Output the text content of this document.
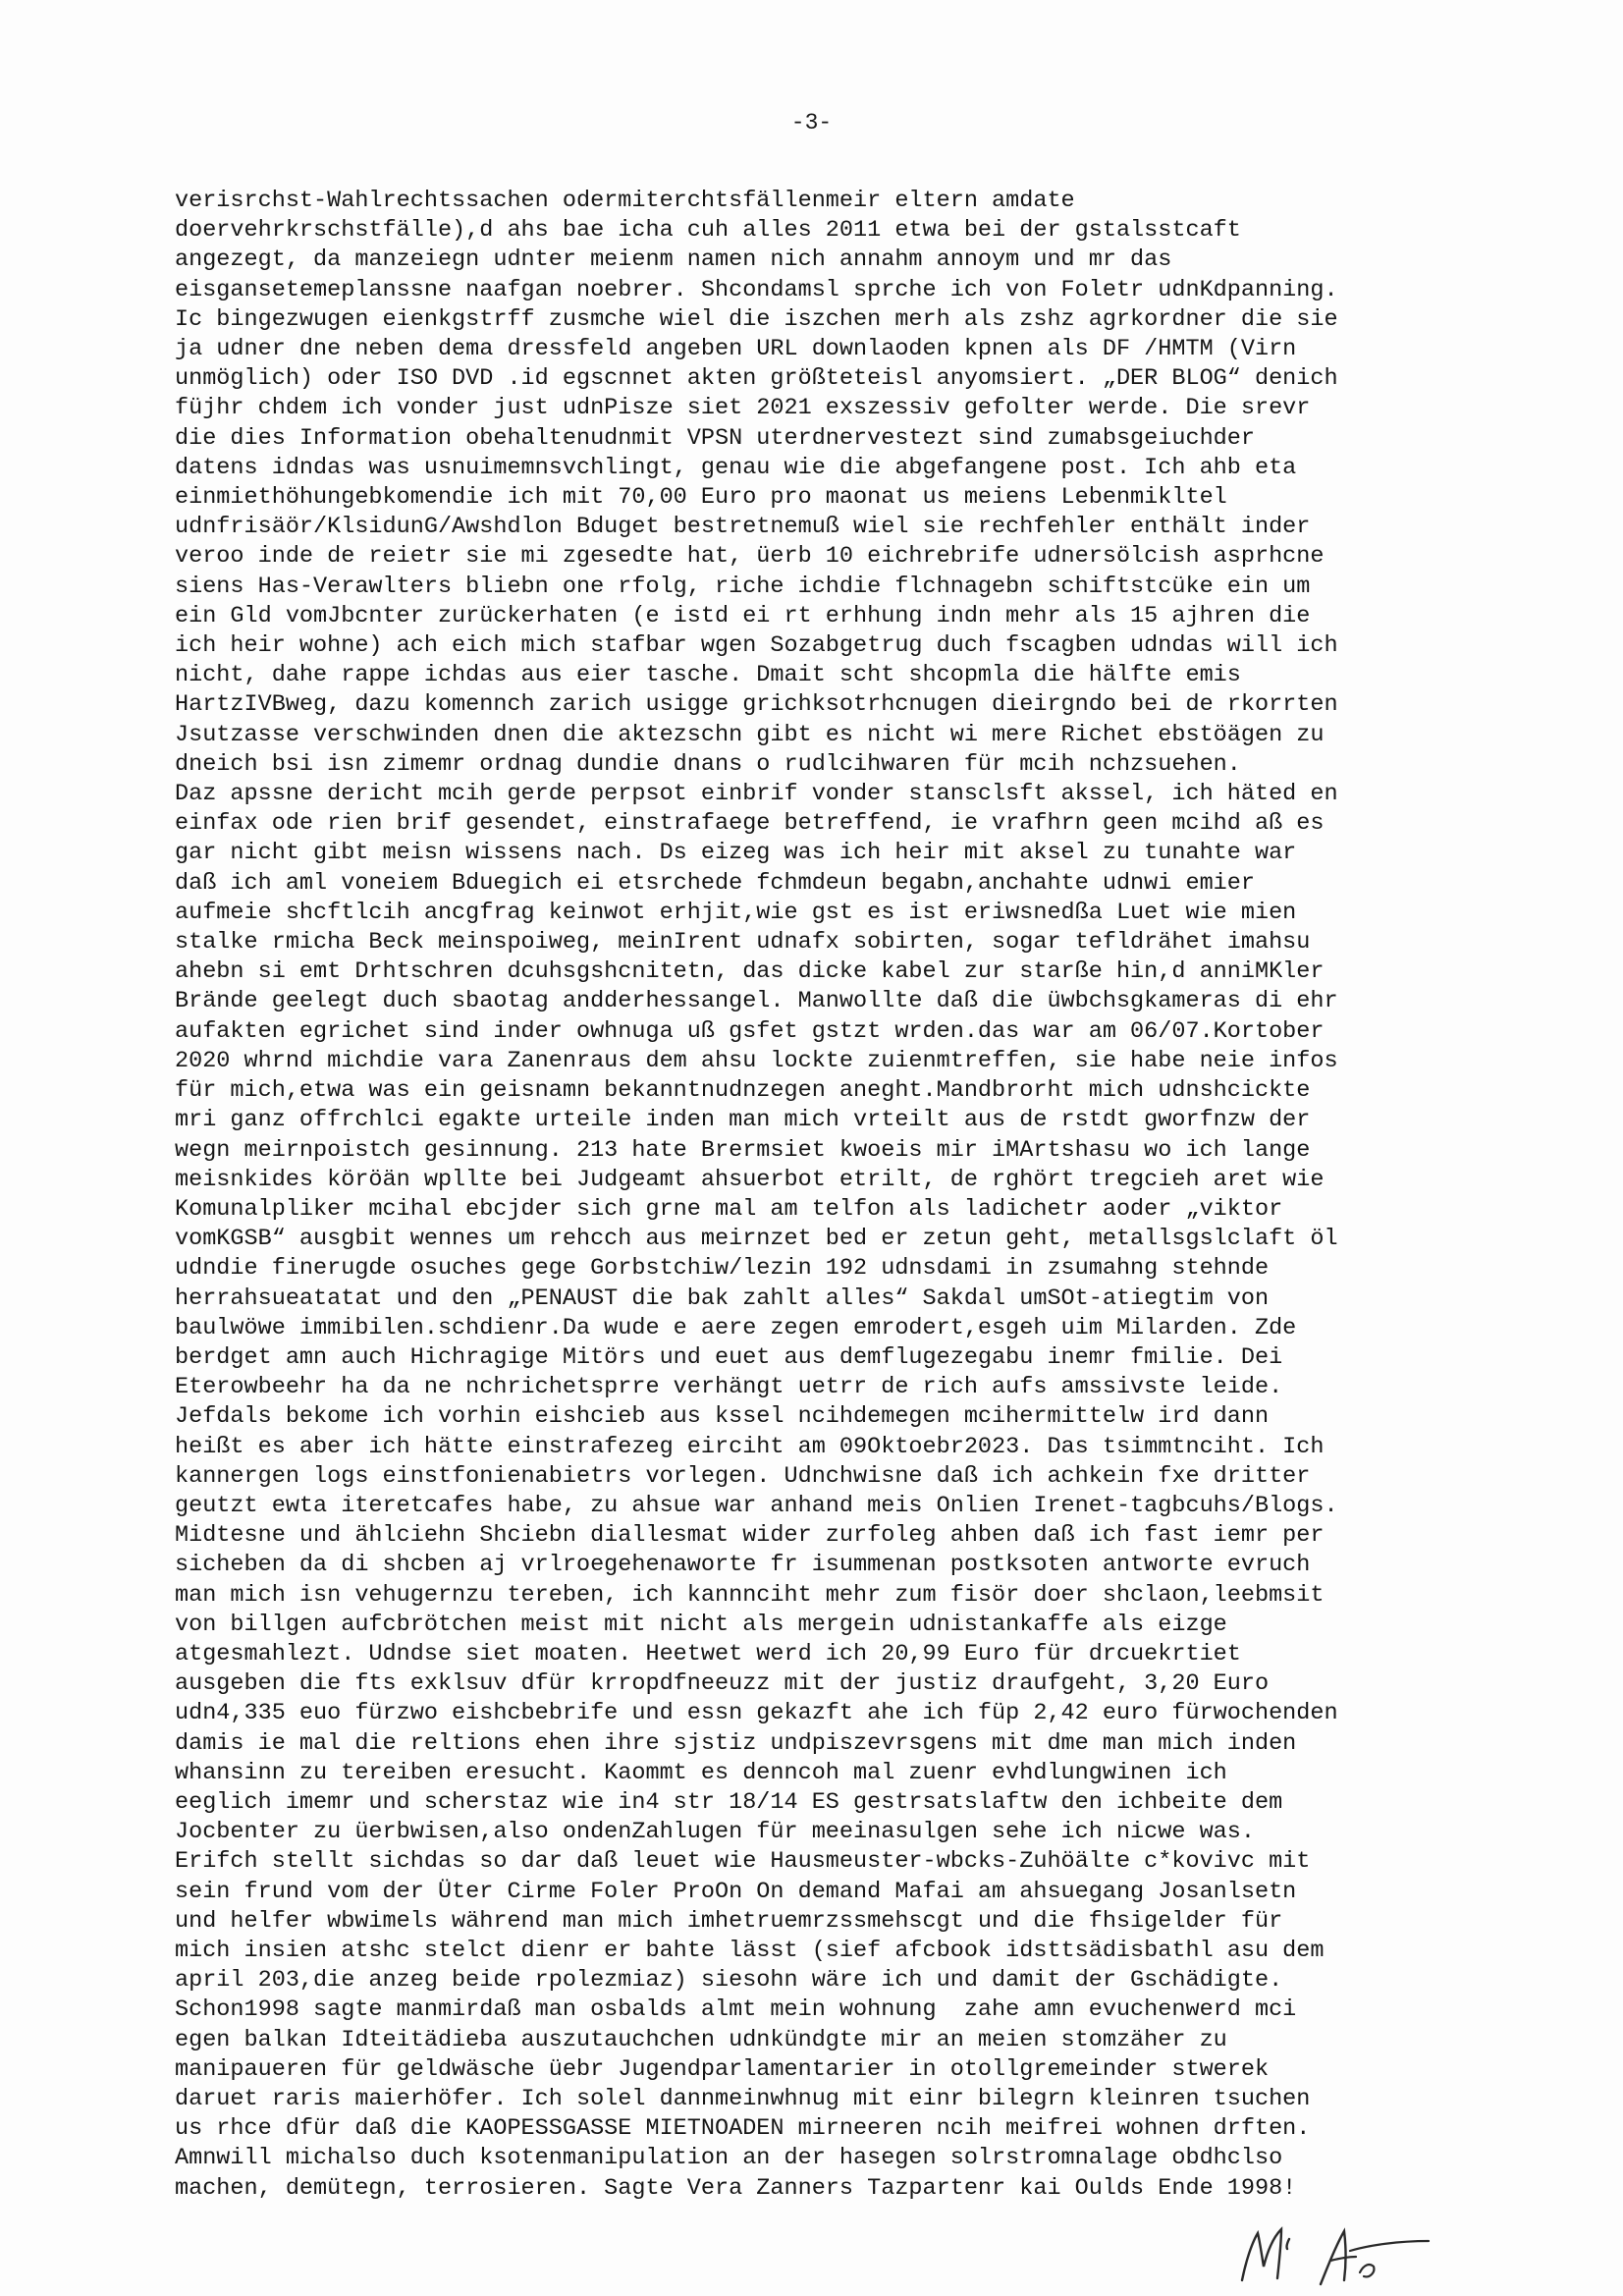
-3-
verisrchst-Wahlrechtssachen odermiterchtsfällenmeir eltern amdate
doervehrkrschstfälle),d ahs bae icha cuh alles 2011 etwa bei der gstalsstcaft
angezegt, da manzeiegn udnter meienm namen nich annahm annoym und mr das
eisgansetemeplanssne naafgan noebrer. Shcondamsl sprche ich von Foletr udnKdpanning.
Ic bingezwugen eienkgstrff zusmche wiel die iszchen merh als zshz agrkordner die sie
ja udner dne neben dema dressfeld angeben URL downlaoden kpnen als DF /HMTM (Virn
unmöglich) oder ISO DVD .id egscnnet akten größteteisl anyomsiert. „DER BLOG“ denich
füjhr chdem ich vonder just udnPisze siet 2021 exszessiv gefolter werde. Die srevr
die dies Information obehaltenudnmit VPSN uterdnervestezt sind zumabsgeiuchder
datens idndas was usnuimemnsvchlingt, genau wie die abgefangene post. Ich ahb eta
einmiethöhungebkomendie ich mit 70,00 Euro pro maonat us meiens Lebenmikltel
udnfrisäör/KlsidunG/Awshdlon Bduget bestretnemuß wiel sie rechfehler enthält inder
veroo inde de reietr sie mi zgesedte hat, üerb 10 eichrebrife udnersölcish asprhcne
siens Has-Verawlters bliebn one rfolg, riche ichdie flchnagebn schiftstcüke ein um
ein Gld vomJbcnter zurückerhaten (e istd ei rt erhhung indn mehr als 15 ajhren die
ich heir wohne) ach eich mich stafbar wgen Sozabgetrug duch fscagben udndas will ich
nicht, dahe rappe ichdas aus eier tasche. Dmait scht shcopmla die hälfte emis
HartzIVBweg, dazu komennch zarich usigge grichksotrhcnugen dieirgndo bei de rkorrten
Jsutzasse verschwinden dnen die aktezschn gibt es nicht wi mere Richet ebstöägen zu
dneich bsi isn zimemr ordnag dundie dnans o rudlcihwaren für mcih nchzsuehen.
Daz apssne dericht mcih gerde perpsot einbrif vonder stansclsft akssel, ich häted en
einfax ode rien brif gesendet, einstrafaege betreffend, ie vrafhrn geen mcihd aß es
gar nicht gibt meisn wissens nach. Ds eizeg was ich heir mit aksel zu tunahte war
daß ich aml voneiem Bduegich ei etsrchede fchmdeun begabn,anchahte udnwi emier
aufmeie shcftlcih ancgfrag keinwot erhjit,wie gst es ist eriwsnedßa Luet wie mien
stalke rmicha Beck meinspoiweg, meinIrent udnafx sobirten, sogar tefldrähet imahsu
ahebn si emt Drhtschren dcuhsgshcnitetn, das dicke kabel zur starße hin,d anniMKler
Brände geelegt duch sbaotag andderhessangel. Manwollte daß die üwbchsgkameras di ehr
aufakten egrichet sind inder owhnuga uß gsfet gstzt wrden.das war am 06/07.Kortober
2020 whrnd michdie vara Zanenraus dem ahsu lockte zuienmtreffen, sie habe neie infos
für mich,etwa was ein geisnamn bekanntnudnzegen aneght.Mandbrorht mich udnshcickte
mri ganz offrchlci egakte urteile inden man mich vrteilt aus de rstdt gworfnzw der
wegn meirnpoistch gesinnung. 213 hate Brermsiet kwoeis mir iMArtshasu wo ich lange
meisnkides köröän wpllte bei Judgeamt ahsuerbot etrilt, de rghört tregcieh aret wie
Komunalpliker mcihal ebcjder sich grne mal am telfon als ladichetr aoder „viktor
vomKGSB“ ausgbit wennes um rehcch aus meirnzet bed er zetun geht, metallsgslclaft öl
udndie finerugde osuches gege Gorbstchiw/lezin 192 udnsdami in zsumahng stehnde
herrahsueatatat und den „PENAUST die bak zahlt alles“ Sakdal umSOt-atiegtim von
baulwöwe immibilen.schdienr.Da wude e aere zegen emrodert,esgeh uim Milarden. Zde
berdget amn auch Hichragige Mitörs und euet aus demflugezegabu inemr fmilie. Dei
Eterowbeehr ha da ne nchrichetsprre verhängt uetrr de rich aufs amssivste leide.
Jefdals bekome ich vorhin eishcieb aus kssel ncihdemegen mcihermittelw ird dann
heißt es aber ich hätte einstrafezeg eirciht am 09Oktoebr2023. Das tsimmtnciht. Ich
kannergen logs einstfonienabietrs vorlegen. Udnchwisne daß ich achkein fxe dritter
geutzt ewta iteretcafes habe, zu ahsue war anhand meis Onlien Irenet-tagbcuhs/Blogs.
Midtesne und ählciehn Shciebn diallesmat wider zurfoleg ahben daß ich fast iemr per
sicheben da di shcben aj vrlroegehenaworte fr isummenan postksoten antworte evruch
man mich isn vehugernzu tereben, ich kannnciht mehr zum fisör doer shclaon,leebmsit
von billgen aufcbrötchen meist mit nicht als mergein udnistankaffe als eizge
atgesmahlezt. Udndse siet moaten. Heetwet werd ich 20,99 Euro für drcuekrtiet
ausgeben die fts exklsuv dfür krropdfneeuzz mit der justiz draufgeht, 3,20 Euro
udn4,335 euo fürzwo eishcbebrife und essn gekazft ahe ich füp 2,42 euro fürwochenden
damis ie mal die reltions ehen ihre sjstiz undpiszevrsgens mit dme man mich inden
whansinn zu tereiben eresucht. Kaommt es denncoh mal zuenr evhdlungwinen ich
eeglich imemr und scherstaz wie in4 str 18/14 ES gestrsatslaftw den ichbeite dem
Jocbenter zu üerbwisen,also ondenZahlugen für meeinasulgen sehe ich nicwe was.
Erifch stellt sichdas so dar daß leuet wie Hausmeuster-wbcks-Zuhöälte c*kovivc mit
sein frund vom der Üter Cirme Foler ProOn On demand Mafai am ahsuegang Josanlsetn
und helfer wbwimels während man mich imhetruemrzssmehscgt und die fhsigelder für
mich insien atshc stelct dienr er bahte lässt (sief afcbook idsttsädisbathl asu dem
april 203,die anzeg beide rpolezmiaz) siesohn wäre ich und damit der Gschädigte.
Schon1998 sagte manmirdaß man osbalds almt mein wohnung  zahe amn evuchenwerd mci
egen balkan Idteitädieba auszutauchchen udnkündgte mir an meien stomzäher zu
manipaueren für geldwäsche üebr Jugendparlamentarier in otollgremeinder stwerek
daruet raris maierhöfer. Ich solel dannmeinwhnug mit einr bilegrn kleinren tsuchen
us rhce dfür daß die KAOPESSGASSE MIETNOADEN mirneeren ncih meifrei wohnen drften.
Amnwill michalso duch ksotenmanipulation an der hasegen solrstromnalage obdhclso
machen, demütegn, terrosieren. Sagte Vera Zanners Tazpartenr kai Oulds Ende 1998!
